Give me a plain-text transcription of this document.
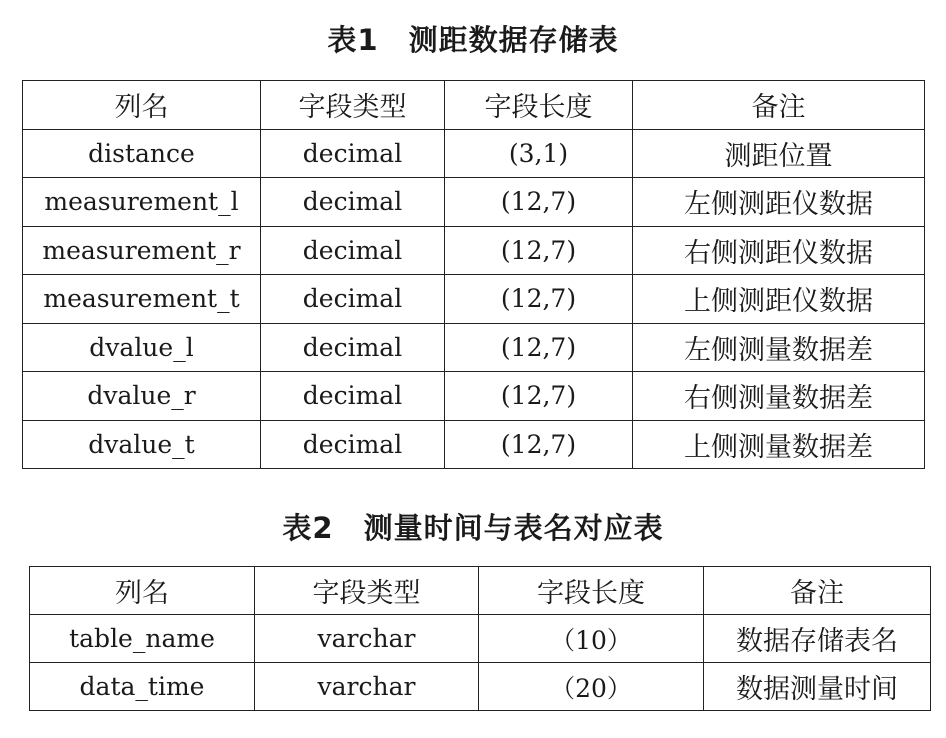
表1　测距数据存储表
列名	字段类型	字段长度	备注
distance	decimal	(3,1)	测距位置
measurement_l	decimal	(12,7)	左侧测距仪数据
measurement_r	decimal	(12,7)	右侧测距仪数据
measurement_t	decimal	(12,7)	上侧测距仪数据
dvalue_l	decimal	(12,7)	左侧测量数据差
dvalue_r	decimal	(12,7)	右侧测量数据差
dvalue_t	decimal	(12,7)	上侧测量数据差
表2　测量时间与表名对应表
列名	字段类型	字段长度	备注
table_name	varchar	（10）	数据存储表名
data_time	varchar	（20）	数据测量时间
